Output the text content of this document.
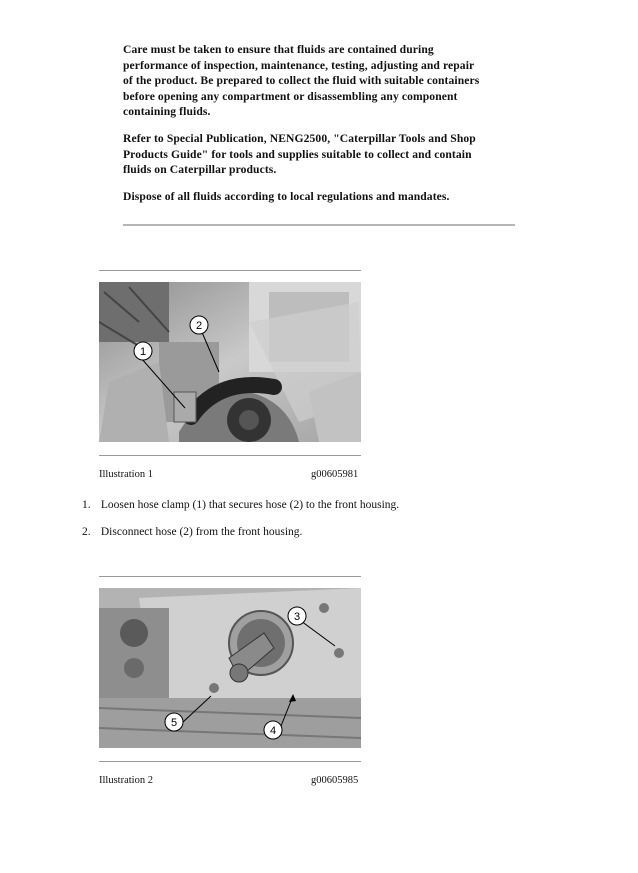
Care must be taken to ensure that fluids are contained during
performance of inspection, maintenance, testing, adjusting and repair
of the product. Be prepared to collect the fluid with suitable containers
before opening any compartment or disassembling any component
containing fluids.

Refer to Special Publication, NENG2500, "Caterpillar Tools and Shop
Products Guide" for tools and supplies suitable to collect and contain
fluids on Caterpillar products.

Dispose of all fluids according to local regulations and mandates.

1
2
Illustration 1	g00605981
1. Loosen hose clamp (1) that secures hose (2) to the front housing.
2. Disconnect hose (2) from the front housing.
3
4
5
Illustration 2	g00605985
